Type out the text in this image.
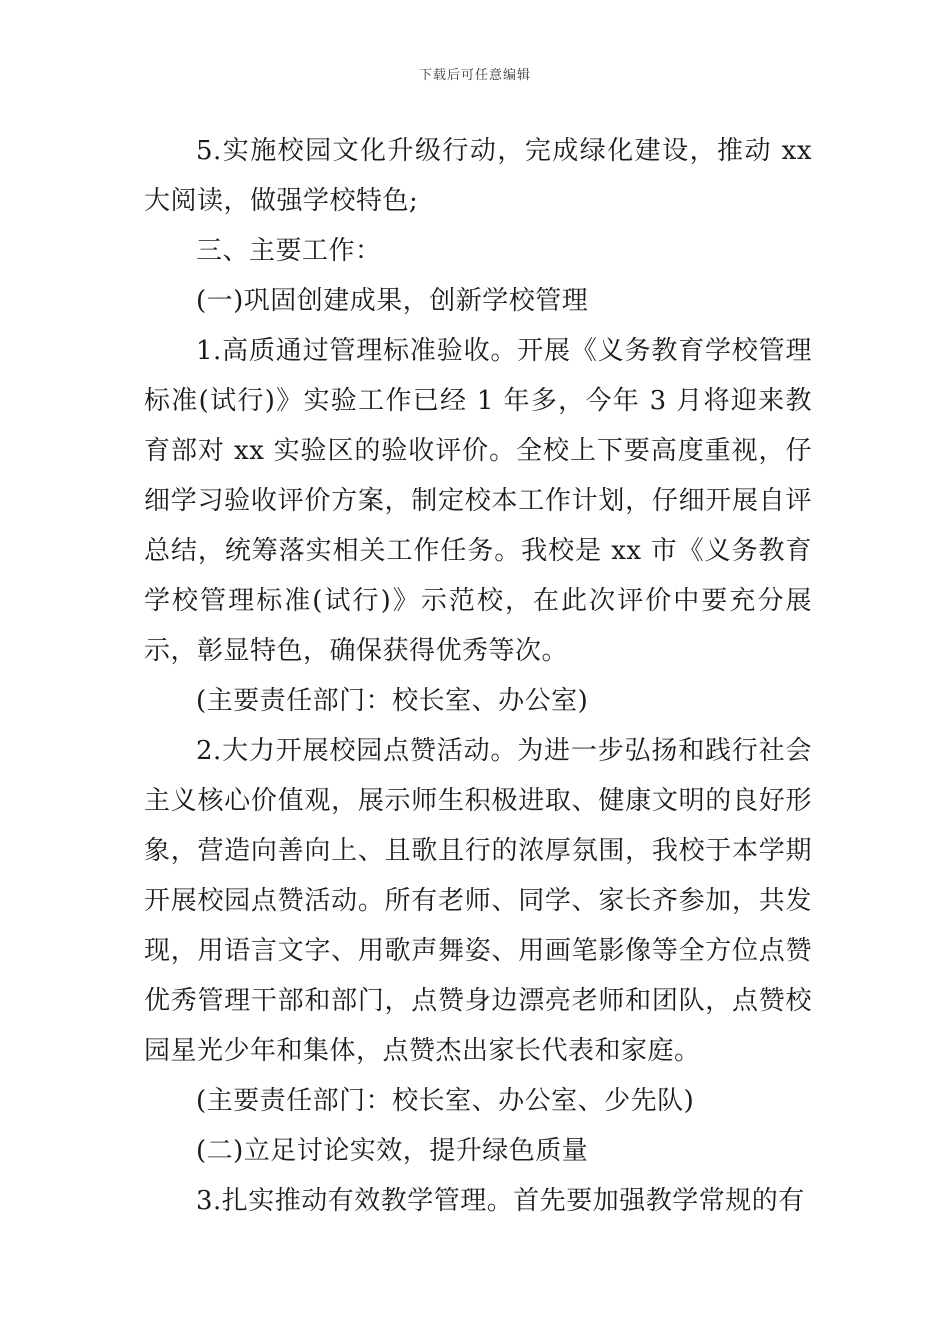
下载后可任意编辑

5.实施校园文化升级行动，完成绿化建设，推动 xx 大阅读，做强学校特色;

三、主要工作：

(一)巩固创建成果，创新学校管理

1.高质通过管理标准验收。开展《义务教育学校管理标准(试行)》实验工作已经 1 年多，今年 3 月将迎来教育部对 xx 实验区的验收评价。全校上下要高度重视，仔细学习验收评价方案，制定校本工作计划，仔细开展自评总结，统筹落实相关工作任务。我校是 xx 市《义务教育学校管理标准(试行)》示范校，在此次评价中要充分展示，彰显特色，确保获得优秀等次。

(主要责任部门：校长室、办公室)

2.大力开展校园点赞活动。为进一步弘扬和践行社会主义核心价值观，展示师生积极进取、健康文明的良好形象，营造向善向上、且歌且行的浓厚氛围，我校于本学期开展校园点赞活动。所有老师、同学、家长齐参加，共发现，用语言文字、用歌声舞姿、用画笔影像等全方位点赞优秀管理干部和部门，点赞身边漂亮老师和团队，点赞校园星光少年和集体，点赞杰出家长代表和家庭。

(主要责任部门：校长室、办公室、少先队)

(二)立足讨论实效，提升绿色质量

3.扎实推动有效教学管理。首先要加强教学常规的有
